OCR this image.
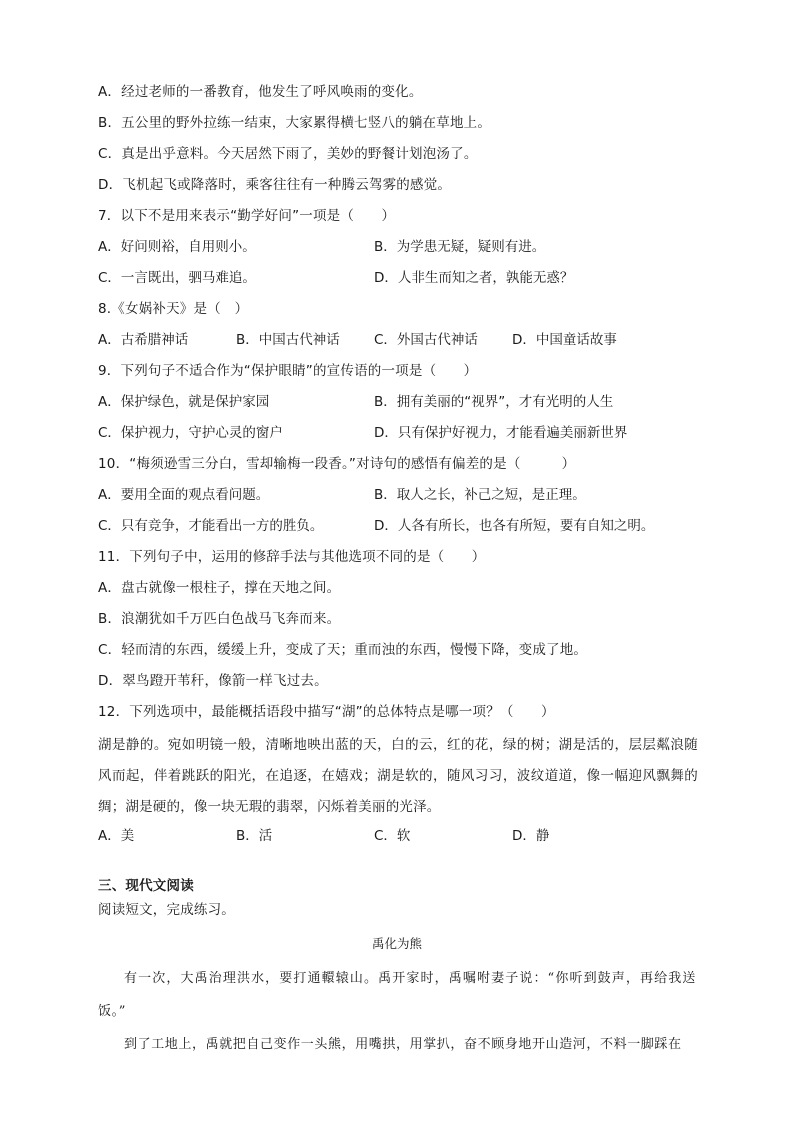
A．经过老师的一番教育，他发生了呼风唤雨的变化。
B．五公里的野外拉练一结束，大家累得横七竖八的躺在草地上。
C．真是出乎意料。今天居然下雨了，美妙的野餐计划泡汤了。
D．飞机起飞或降落时，乘客往往有一种腾云驾雾的感觉。
7．以下不是用来表示“勤学好问”一项是（　　）
A．好问则裕，自用则小。	B．为学患无疑，疑则有进。
C．一言既出，驷马难追。	D．人非生而知之者，孰能无惑？
8.《女娲补天》是（　）
A．古希腊神话	B．中国古代神话	C．外国古代神话	D．中国童话故事
9．下列句子不适合作为“保护眼睛”的宣传语的一项是（　　）
A．保护绿色，就是保护家园	B．拥有美丽的“视界”，才有光明的人生
C．保护视力，守护心灵的窗户	D．只有保护好视力，才能看遍美丽新世界
10．“梅须逊雪三分白，雪却输梅一段香。”对诗句的感悟有偏差的是（　　　）
A．要用全面的观点看问题。	B．取人之长，补己之短，是正理。
C．只有竞争，才能看出一方的胜负。	D．人各有所长，也各有所短，要有自知之明。
11．下列句子中，运用的修辞手法与其他选项不同的是（　　）
A．盘古就像一根柱子，撑在天地之间。
B．浪潮犹如千万匹白色战马飞奔而来。
C．轻而清的东西，缓缓上升，变成了天；重而浊的东西，慢慢下降，变成了地。
D．翠鸟蹬开苇秆，像箭一样飞过去。
12．下列选项中，最能概括语段中描写“湖”的总体特点是哪一项？（　　）
湖是静的。宛如明镜一般，清晰地映出蓝的天，白的云，红的花，绿的树；湖是活的，层层粼浪随风而起，伴着跳跃的阳光，在追逐，在嬉戏；湖是软的，随风习习，波纹道道，像一幅迎风飘舞的绸；湖是硬的，像一块无瑕的翡翠，闪烁着美丽的光泽。
A．美	B．活	C．软	D．静
三、现代文阅读
阅读短文，完成练习。
禹化为熊
有一次，大禹治理洪水，要打通轘辕山。禹开家时，禹嘱咐妻子说：“你听到鼓声，再给我送饭。”
到了工地上，禹就把自己变作一头熊，用嘴拱，用掌扒，奋不顾身地开山造河，不料一脚踩在
